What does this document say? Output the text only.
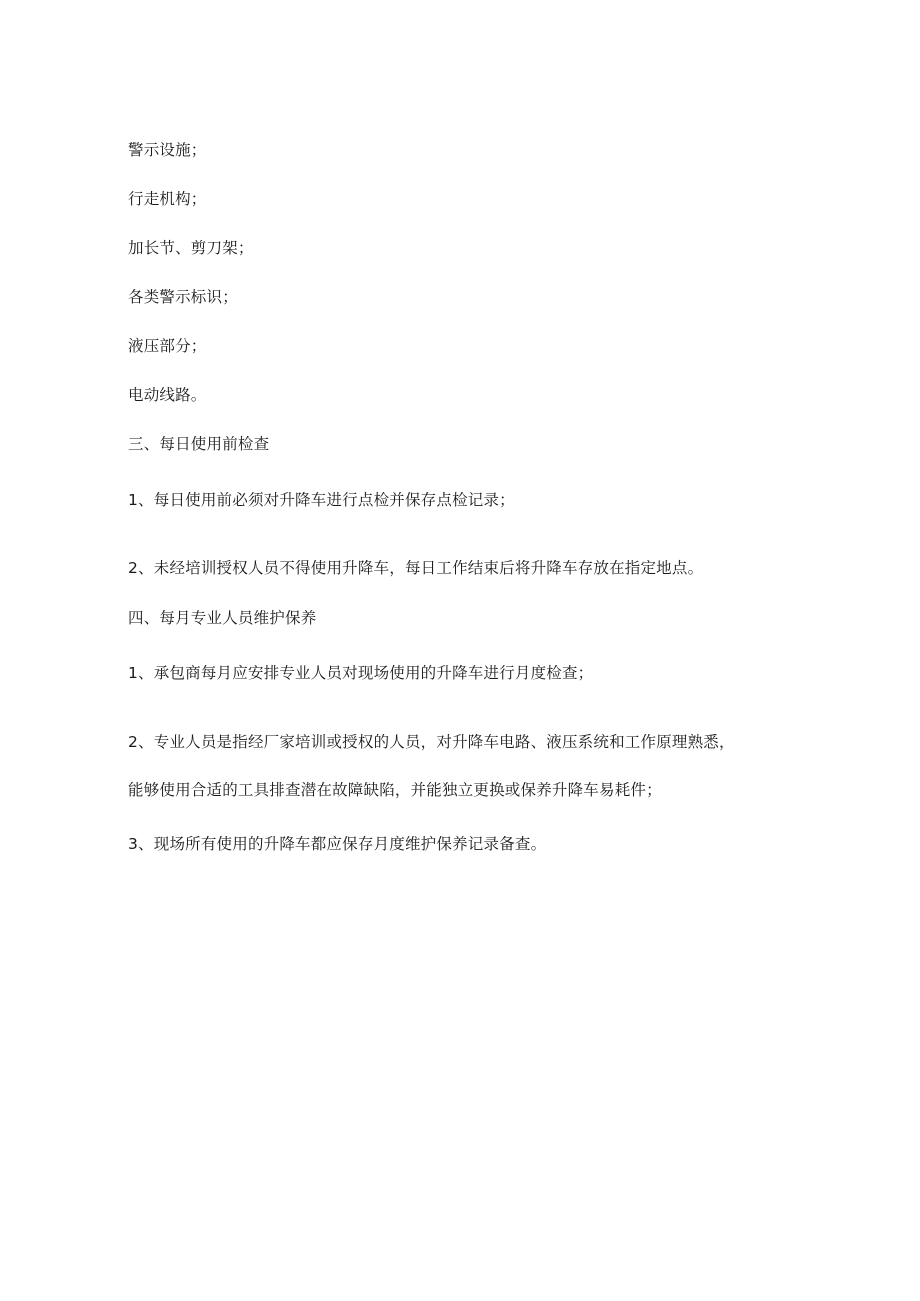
警示设施；
行走机构；
加长节、剪刀架；
各类警示标识；
液压部分；
电动线路。
三、每日使用前检查
1、每日使用前必须对升降车进行点检并保存点检记录；
2、未经培训授权人员不得使用升降车，每日工作结束后将升降车存放在指定地点。
四、每月专业人员维护保养
1、承包商每月应安排专业人员对现场使用的升降车进行月度检查；
2、专业人员是指经厂家培训或授权的人员，对升降车电路、液压系统和工作原理熟悉，
能够使用合适的工具排查潜在故障缺陷，并能独立更换或保养升降车易耗件；
3、现场所有使用的升降车都应保存月度维护保养记录备查。
